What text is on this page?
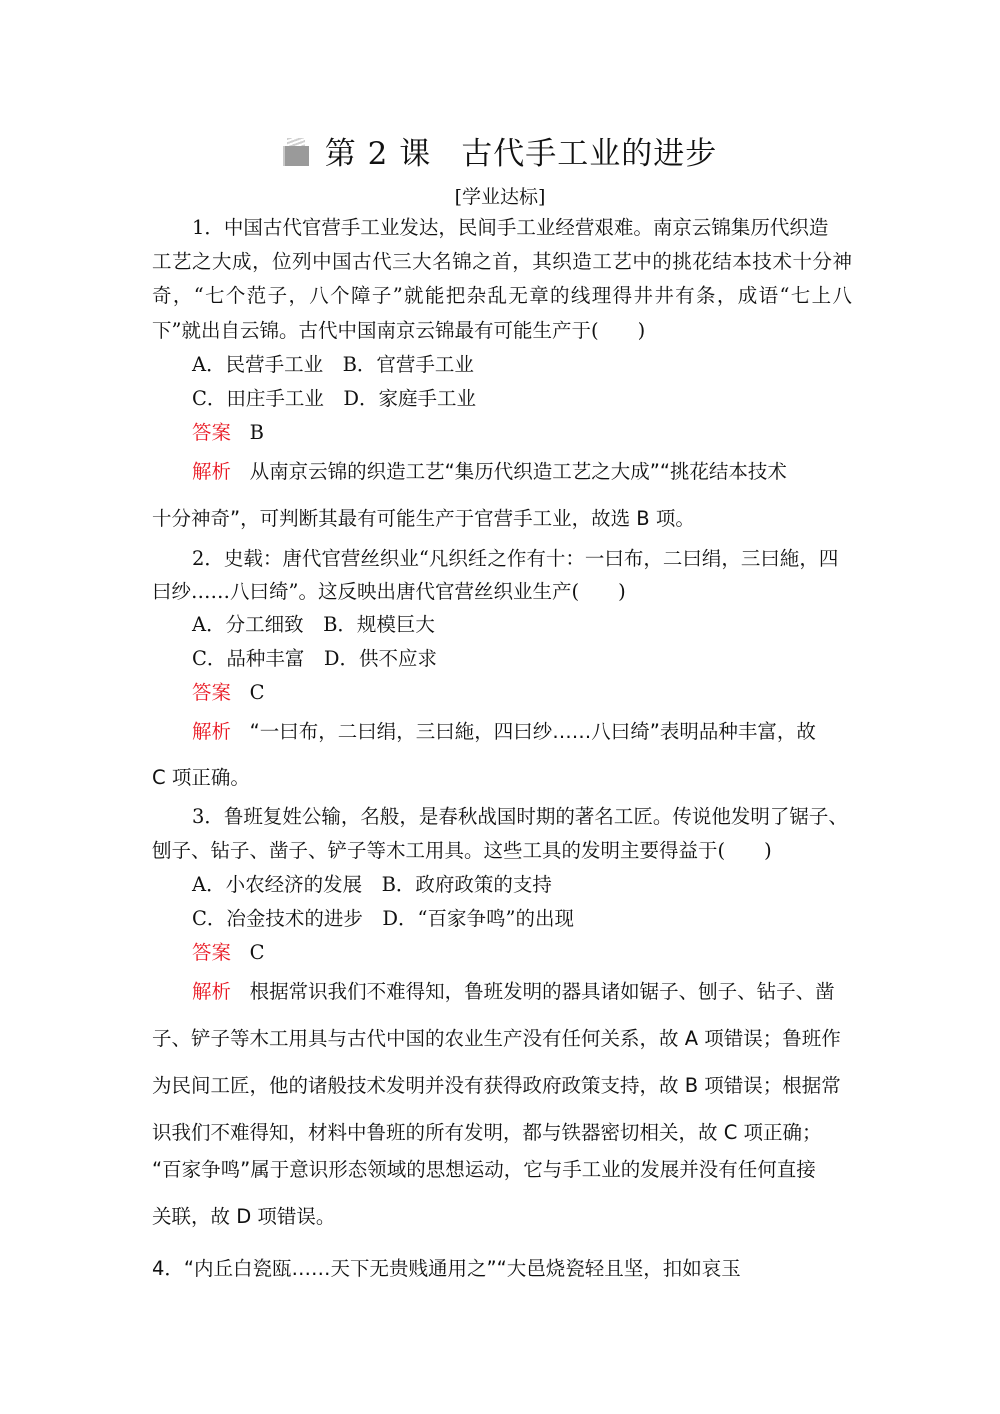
第 2 课 古代手工业的进步
[学业达标]
1．中国古代官营手工业发达，民间手工业经营艰难。南京云锦集历代织造
工艺之大成，位列中国古代三大名锦之首，其织造工艺中的挑花结本技术十分神
奇，“七个范子，八个障子”就能把杂乱无章的线理得井井有条，成语“七上八
下”就出自云锦。古代中国南京云锦最有可能生产于(　　)
A．民营手工业　B．官营手工业
C．田庄手工业　D．家庭手工业
答案 B
解析 从南京云锦的织造工艺“集历代织造工艺之大成”“挑花结本技术
十分神奇”，可判断其最有可能生产于官营手工业，故选 B 项。
2．史载：唐代官营丝织业“凡织纴之作有十：一曰布，二曰绢，三曰絁，四
曰纱……八曰绮”。这反映出唐代官营丝织业生产(　　)
A．分工细致　B．规模巨大
C．品种丰富　D．供不应求
答案 C
解析 “一曰布，二曰绢，三曰絁，四曰纱……八曰绮”表明品种丰富，故
C 项正确。
3．鲁班复姓公输，名般，是春秋战国时期的著名工匠。传说他发明了锯子、
刨子、钻子、凿子、铲子等木工用具。这些工具的发明主要得益于(　　)
A．小农经济的发展　B．政府政策的支持
C．冶金技术的进步　D．“百家争鸣”的出现
答案 C
解析 根据常识我们不难得知，鲁班发明的器具诸如锯子、刨子、钻子、凿
子、铲子等木工用具与古代中国的农业生产没有任何关系，故 A 项错误；鲁班作
为民间工匠，他的诸般技术发明并没有获得政府政策支持，故 B 项错误；根据常
识我们不难得知，材料中鲁班的所有发明，都与铁器密切相关，故 C 项正确；
“百家争鸣”属于意识形态领域的思想运动，它与手工业的发展并没有任何直接
关联，故 D 项错误。
4．“内丘白瓷瓯……天下无贵贱通用之”“大邑烧瓷轻且坚，扣如哀玉
